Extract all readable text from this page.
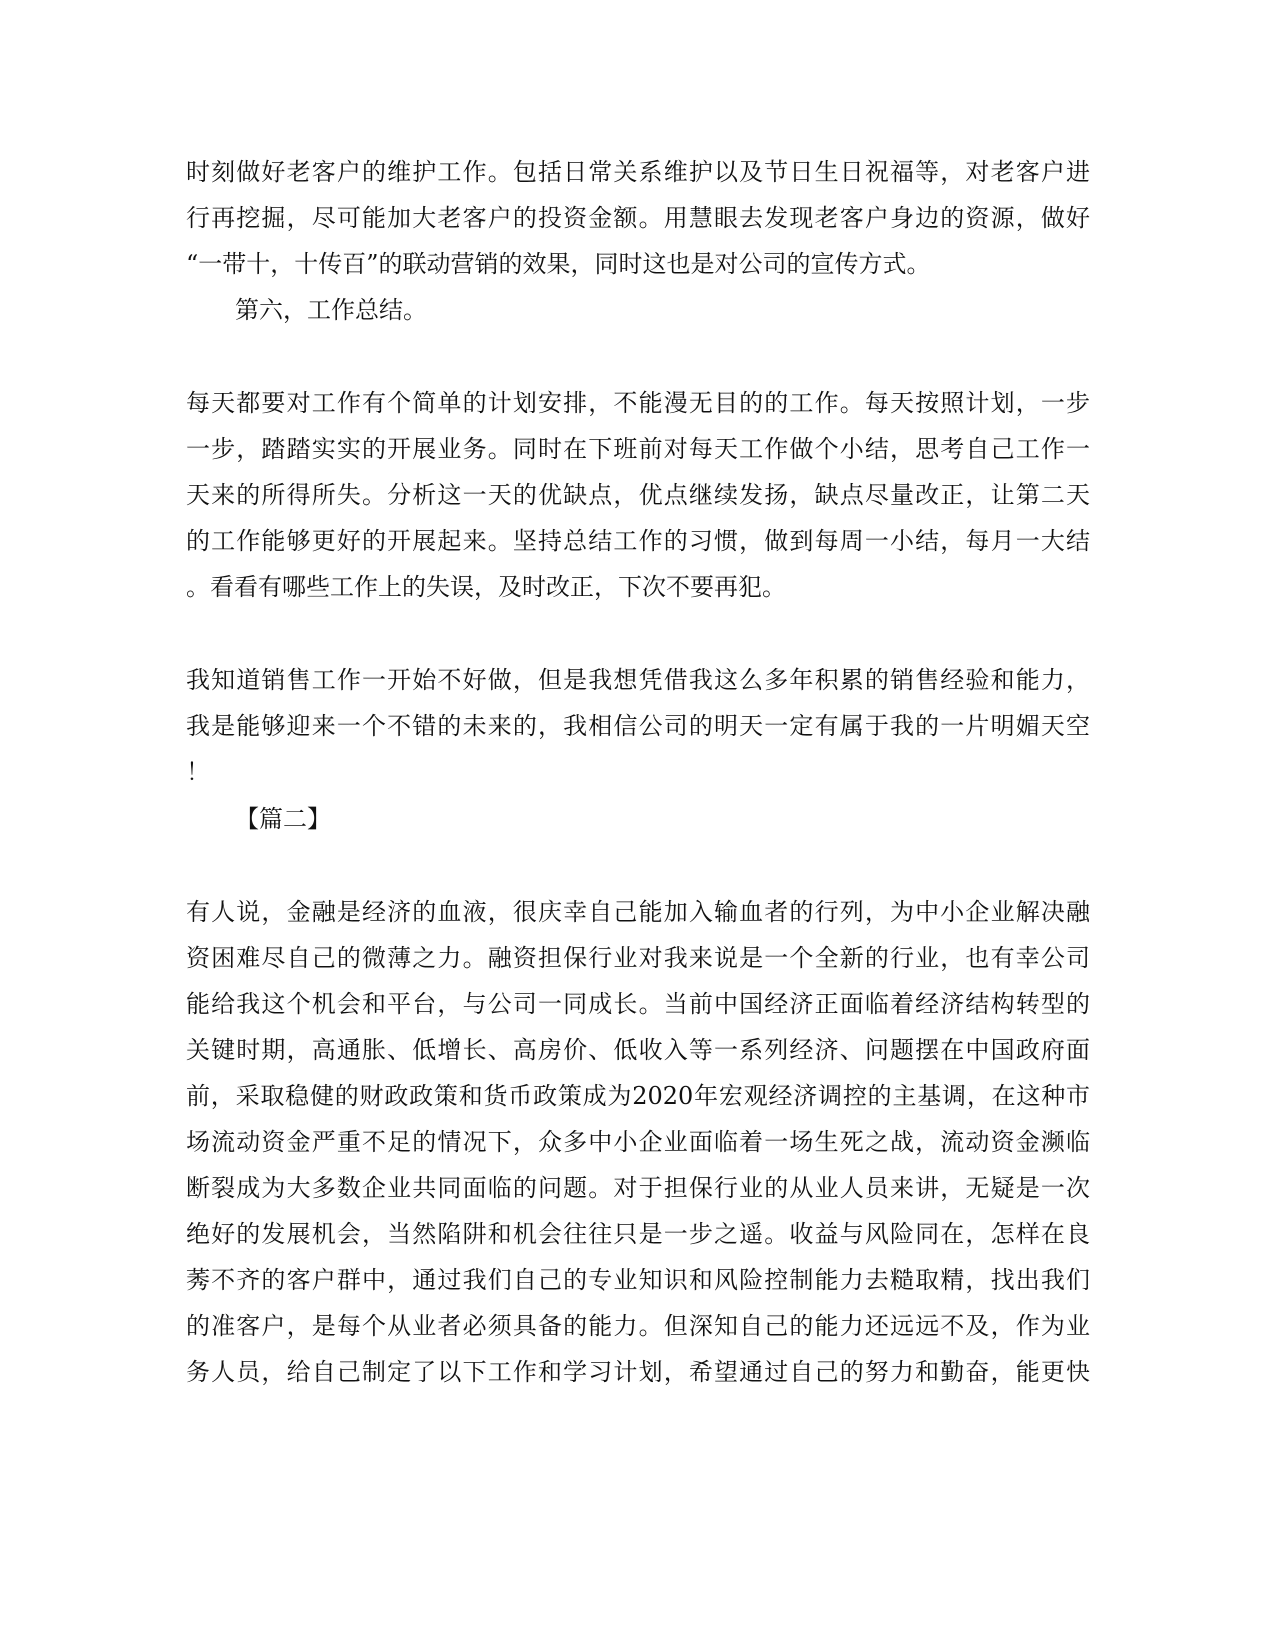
时刻做好老客户的维护工作。包括日常关系维护以及节日生日祝福等，对老客户进
行再挖掘，尽可能加大老客户的投资金额。用慧眼去发现老客户身边的资源，做好
“一带十，十传百”的联动营销的效果，同时这也是对公司的宣传方式。
第六，工作总结。
每天都要对工作有个简单的计划安排，不能漫无目的的工作。每天按照计划，一步
一步，踏踏实实的开展业务。同时在下班前对每天工作做个小结，思考自己工作一
天来的所得所失。分析这一天的优缺点，优点继续发扬，缺点尽量改正，让第二天
的工作能够更好的开展起来。坚持总结工作的习惯，做到每周一小结，每月一大结
。看看有哪些工作上的失误，及时改正，下次不要再犯。
我知道销售工作一开始不好做，但是我想凭借我这么多年积累的销售经验和能力，
我是能够迎来一个不错的未来的，我相信公司的明天一定有属于我的一片明媚天空
！
【篇二】
有人说，金融是经济的血液，很庆幸自己能加入输血者的行列，为中小企业解决融
资困难尽自己的微薄之力。融资担保行业对我来说是一个全新的行业，也有幸公司
能给我这个机会和平台，与公司一同成长。当前中国经济正面临着经济结构转型的
关键时期，高通胀、低增长、高房价、低收入等一系列经济、问题摆在中国政府面
前，采取稳健的财政政策和货币政策成为2020年宏观经济调控的主基调，在这种市
场流动资金严重不足的情况下，众多中小企业面临着一场生死之战，流动资金濒临
断裂成为大多数企业共同面临的问题。对于担保行业的从业人员来讲，无疑是一次
绝好的发展机会，当然陷阱和机会往往只是一步之遥。收益与风险同在，怎样在良
莠不齐的客户群中，通过我们自己的专业知识和风险控制能力去糙取精，找出我们
的准客户，是每个从业者必须具备的能力。但深知自己的能力还远远不及，作为业
务人员，给自己制定了以下工作和学习计划，希望通过自己的努力和勤奋，能更快
